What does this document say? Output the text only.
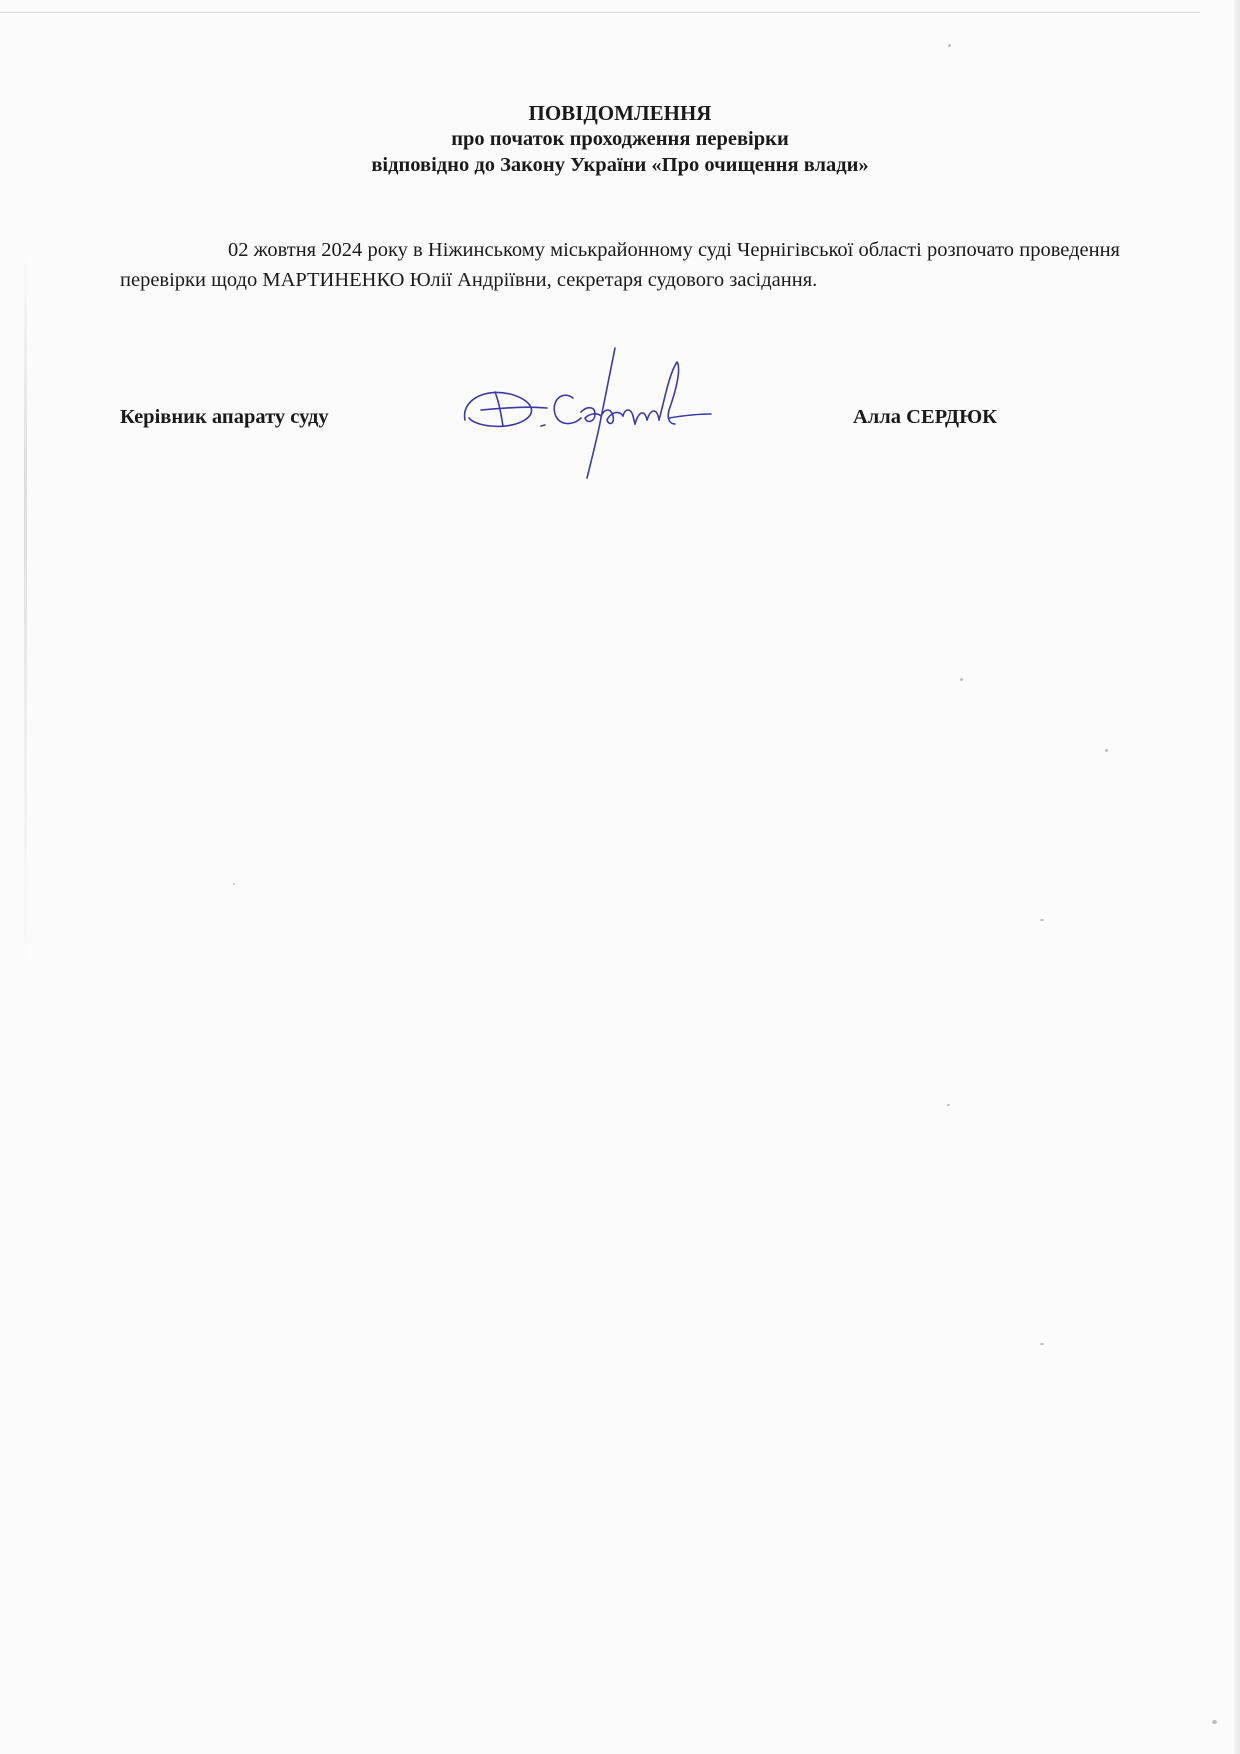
ПОВІДОМЛЕННЯ
про початок проходження перевірки
відповідно до Закону України «Про очищення влади»

02 жовтня 2024 року в Ніжинському міськрайонному суді Чернігівської області розпочато проведення перевірки щодо МАРТИНЕНКО Юлії Андріївни, секретаря судового засідання.

Керівник апарату суду	Алла СЕРДЮК
